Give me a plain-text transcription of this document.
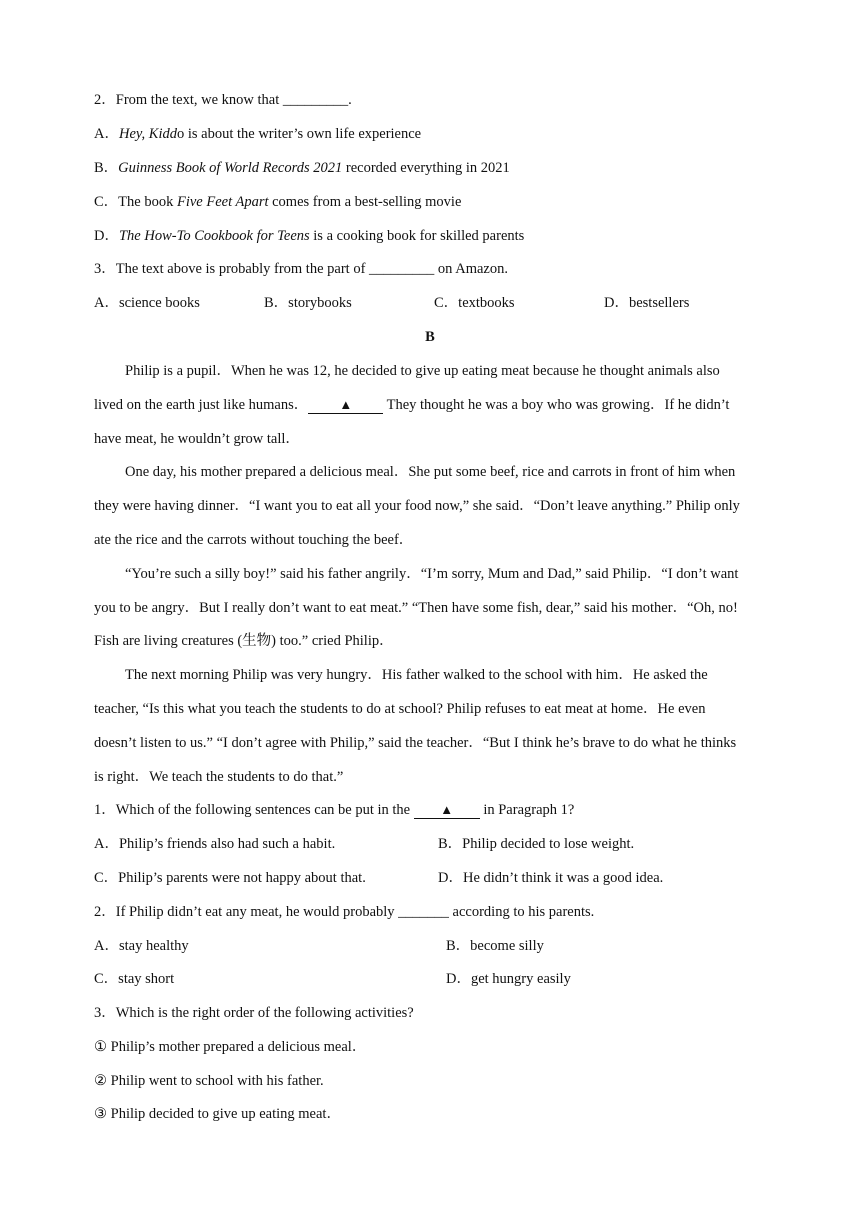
2．From the text, we know that _________.
A．Hey, Kiddo is about the writer’s own life experience
B．Guinness Book of World Records 2021 recorded everything in 2021
C．The book Five Feet Apart comes from a best-selling movie
D．The How-To Cookbook for Teens is a cooking book for skilled parents
3．The text above is probably from the part of _________ on Amazon.
A．science books	B．storybooks	C．textbooks	D．bestsellers
B
Philip is a pupil．When he was 12, he decided to give up eating meat because he thought animals also
lived on the earth just like humans． ▲ They thought he was a boy who was growing．If he didn’t
have meat, he wouldn’t grow tall．
One day, his mother prepared a delicious meal．She put some beef, rice and carrots in front of him when
they were having dinner．“I want you to eat all your food now,” she said．“Don’t leave anything.” Philip only
ate the rice and the carrots without touching the beef．
“You’re such a silly boy!” said his father angrily．“I’m sorry, Mum and Dad,” said Philip．“I don’t want
you to be angry．But I really don’t want to eat meat.” “Then have some fish, dear,” said his mother．“Oh, no!
Fish are living creatures (生物) too.” cried Philip．
The next morning Philip was very hungry．His father walked to the school with him．He asked the
teacher, “Is this what you teach the students to do at school? Philip refuses to eat meat at home．He even
doesn’t listen to us.” “I don’t agree with Philip,” said the teacher．“But I think he’s brave to do what he thinks
is right．We teach the students to do that.”
1．Which of the following sentences can be put in the ▲ in Paragraph 1?
A．Philip’s friends also had such a habit.	B．Philip decided to lose weight.
C．Philip’s parents were not happy about that.	D．He didn’t think it was a good idea.
2．If Philip didn’t eat any meat, he would probably _______ according to his parents.
A．stay healthy	B．become silly
C．stay short	D．get hungry easily
3．Which is the right order of the following activities?
① Philip’s mother prepared a delicious meal．
② Philip went to school with his father.
③ Philip decided to give up eating meat．
